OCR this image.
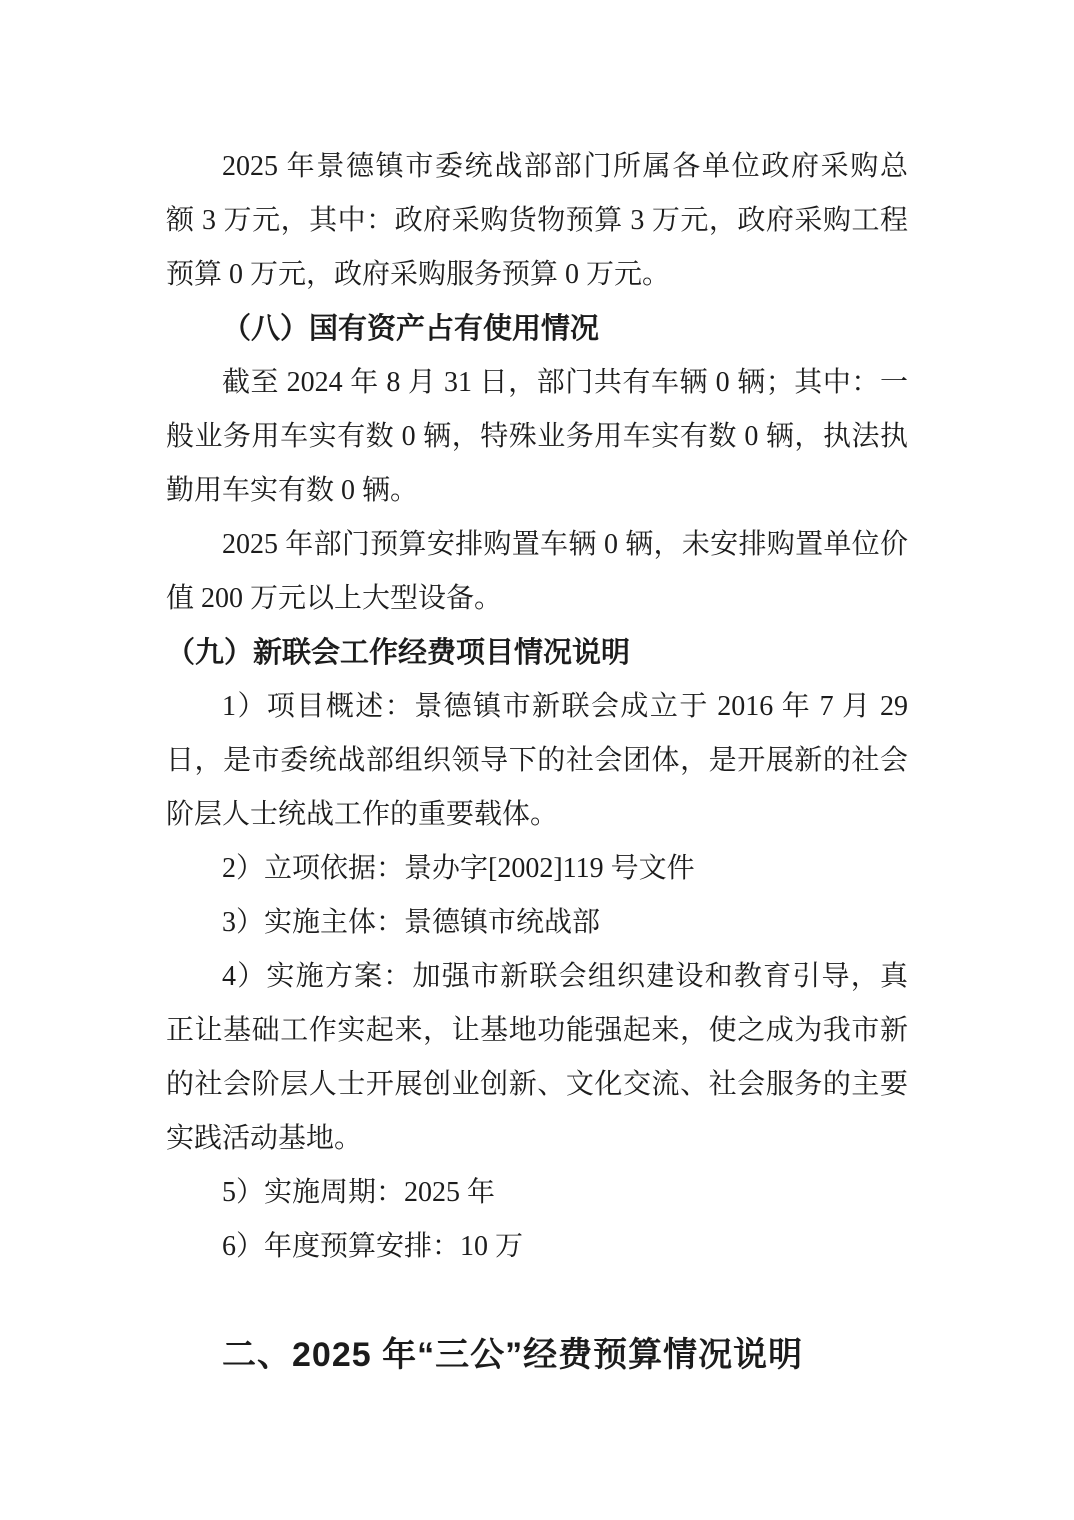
2025 年景德镇市委统战部部门所属各单位政府采购总
额 3 万元，其中：政府采购货物预算 3 万元，政府采购工程
预算 0 万元，政府采购服务预算 0 万元。
（八）国有资产占有使用情况
截至 2024 年 8 月 31 日，部门共有车辆 0 辆；其中：一
般业务用车实有数 0 辆，特殊业务用车实有数 0 辆，执法执
勤用车实有数 0 辆。
2025 年部门预算安排购置车辆 0 辆，未安排购置单位价
值 200 万元以上大型设备。
（九）新联会工作经费项目情况说明
1）项目概述：景德镇市新联会成立于 2016 年 7 月 29
日，是市委统战部组织领导下的社会团体，是开展新的社会
阶层人士统战工作的重要载体。
2）立项依据：景办字[2002]119 号文件
3）实施主体：景德镇市统战部
4）实施方案：加强市新联会组织建设和教育引导，真
正让基础工作实起来，让基地功能强起来，使之成为我市新
的社会阶层人士开展创业创新、文化交流、社会服务的主要
实践活动基地。
5）实施周期：2025 年
6）年度预算安排：10 万
二、2025 年“三公”经费预算情况说明
